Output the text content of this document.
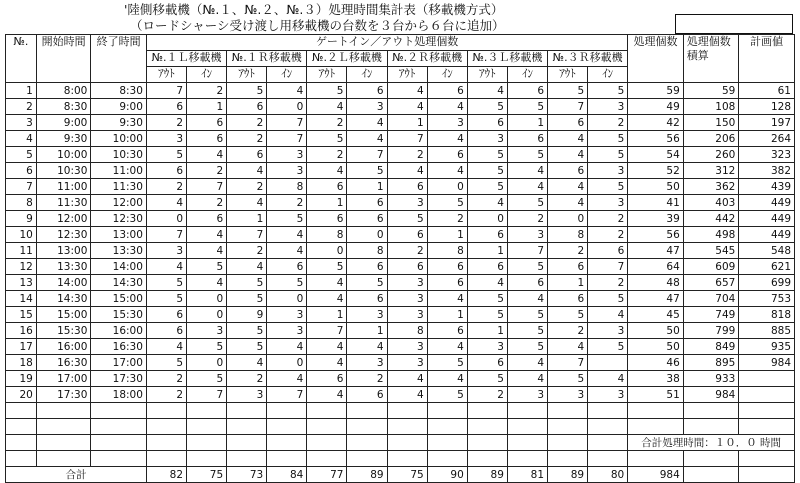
'陸側移載機（№.１、№.２、№.３）処理時間集計表（移載機方式）
（ロードシャーシ受け渡し用移載機の台数を３台から６台に追加）
№.	開始時間	終了時間	ゲートイン／アウト処理個数												処理個数	処理個数積算	計画値
			№.１Ｌ移載機		№.１Ｒ移載機		№.２Ｌ移載機		№.２Ｒ移載機		№.３Ｌ移載機		№.３Ｒ移載機				
			ｱｳﾄ	ｲﾝ	ｱｳﾄ	ｲﾝ	ｱｳﾄ	ｲﾝ	ｱｳﾄ	ｲﾝ	ｱｳﾄ	ｲﾝ	ｱｳﾄ	ｲﾝ			
1	8:00	8:30	7	2	5	4	5	6	4	6	4	6	5	5	59	59	61
2	8:30	9:00	6	1	6	0	4	3	4	4	5	5	7	3	49	108	128
3	9:00	9:30	2	6	2	7	2	4	1	3	6	1	6	2	42	150	197
4	9:30	10:00	3	6	2	7	5	4	7	4	3	6	4	5	56	206	264
5	10:00	10:30	5	4	6	3	2	7	2	6	5	5	4	5	54	260	323
6	10:30	11:00	6	2	4	3	4	5	4	4	5	4	6	3	52	312	382
7	11:00	11:30	2	7	2	8	6	1	6	0	5	4	4	5	50	362	439
8	11:30	12:00	4	2	4	2	1	6	3	5	4	5	4	3	41	403	449
9	12:00	12:30	0	6	1	5	6	6	5	2	0	2	0	2	39	442	449
10	12:30	13:00	7	4	7	4	8	0	6	1	6	3	8	2	56	498	449
11	13:00	13:30	3	4	2	4	0	8	2	8	1	7	2	6	47	545	548
12	13:30	14:00	4	5	4	6	5	6	6	6	6	5	6	7	64	609	621
13	14:00	14:30	5	4	5	5	4	5	3	6	4	6	1	2	48	657	699
14	14:30	15:00	5	0	5	0	4	6	3	4	5	4	6	5	47	704	753
15	15:00	15:30	6	0	9	3	1	3	3	1	5	5	5	4	45	749	818
16	15:30	16:00	6	3	5	3	7	1	8	6	1	5	2	3	50	799	885
17	16:00	16:30	4	5	5	4	4	4	3	4	3	5	4	5	50	849	935
18	16:30	17:00	5	0	4	0	4	3	3	5	6	4	7		46	895	984
19	17:00	17:30	2	5	2	4	6	2	4	4	5	4	5	4	38	933	
20	17:30	18:00	2	7	3	7	4	6	4	5	2	3	3	3	51	984	

															合計処理時間：１０．０ 時間		

合計			82	75	73	84	77	89	75	90	89	81	89	80	984		
